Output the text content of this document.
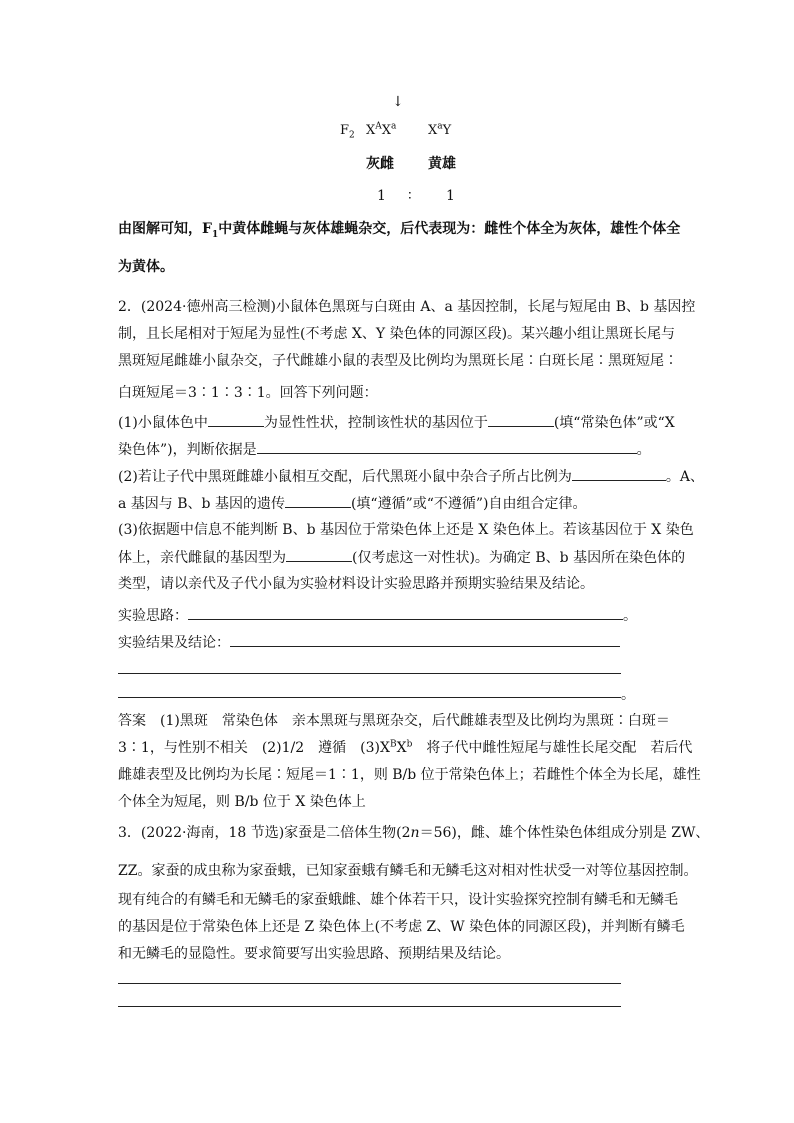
↓
$F_2$ $X^AX^a$ $X^aY$
灰雌 黄雄
1 ∶ 1
由图解可知，$F_1$中黄体雌蝇与灰体雄蝇杂交，后代表现为：雌性个体全为灰体，雄性个体全
为黄体。
2．(2024·德州高三检测)小鼠体色黑斑与白斑由 A、a 基因控制，长尾与短尾由 B、b 基因控
制，且长尾相对于短尾为显性(不考虑 X、Y 染色体的同源区段)。某兴趣小组让黑斑长尾与
黑斑短尾雌雄小鼠杂交，子代雌雄小鼠的表型及比例均为黑斑长尾∶白斑长尾∶黑斑短尾∶
白斑短尾＝3∶1∶3∶1。回答下列问题：
(1)小鼠体色中	为显性性状，控制该性状的基因位于	(填“常染色体”或“X
染色体”)，判断依据是	。
(2)若让子代中黑斑雌雄小鼠相互交配，后代黑斑小鼠中杂合子所占比例为	。A、
a 基因与 B、b 基因的遗传	(填“遵循”或“不遵循”)自由组合定律。
(3)依据题中信息不能判断 B、b 基因位于常染色体上还是 X 染色体上。若该基因位于 X 染色
体上，亲代雌鼠的基因型为	(仅考虑这一对性状)。为确定 B、b 基因所在染色体的
类型，请以亲代及子代小鼠为实验材料设计实验思路并预期实验结果及结论。
实验思路：	。
实验结果及结论：
。
答案　(1)黑斑　常染色体　亲本黑斑与黑斑杂交，后代雌雄表型及比例均为黑斑∶白斑＝
3∶1，与性别不相关　(2)1/2　遵循　$(3)X^BX^b$　将子代中雌性短尾与雄性长尾交配　若后代
雌雄表型及比例均为长尾∶短尾＝1∶1，则 B/b 位于常染色体上；若雌性个体全为长尾，雄性
个体全为短尾，则 B/b 位于 X 染色体上
3．(2022·海南，18 节选)家蚕是二倍体生物(2n＝56)，雌、雄个体性染色体组成分别是 ZW、
ZZ。家蚕的成虫称为家蚕蛾，已知家蚕蛾有鳞毛和无鳞毛这对相对性状受一对等位基因控制。
现有纯合的有鳞毛和无鳞毛的家蚕蛾雌、雄个体若干只，设计实验探究控制有鳞毛和无鳞毛
的基因是位于常染色体上还是 Z 染色体上(不考虑 Z、W 染色体的同源区段)，并判断有鳞毛
和无鳞毛的显隐性。要求简要写出实验思路、预期结果及结论。
